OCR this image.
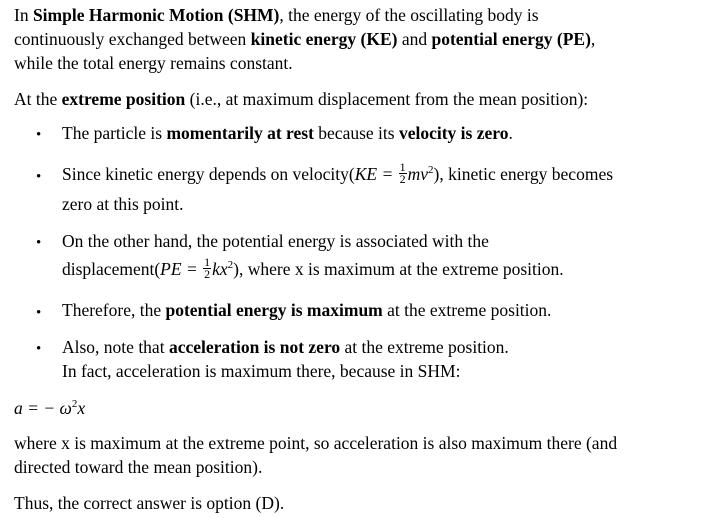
In Simple Harmonic Motion (SHM), the energy of the oscillating body is
continuously exchanged between kinetic energy (KE) and potential energy (PE),
while the total energy remains constant.
At the extreme position (i.e., at maximum displacement from the mean position):
• The particle is momentarily at rest because its velocity is zero.
• Since kinetic energy depends on velocity(KE = $\frac{1}{2} mv^2$), kinetic energy becomes
zero at this point.
• On the other hand, the potential energy is associated with the
displacement(PE = $\frac{1}{2} kx^2$), where x is maximum at the extreme position.
• Therefore, the potential energy is maximum at the extreme position.
• Also, note that acceleration is not zero at the extreme position.
In fact, acceleration is maximum there, because in SHM:
a = − $\omega^2x$
where x is maximum at the extreme point, so acceleration is also maximum there (and
directed toward the mean position).
Thus, the correct answer is option (D).
